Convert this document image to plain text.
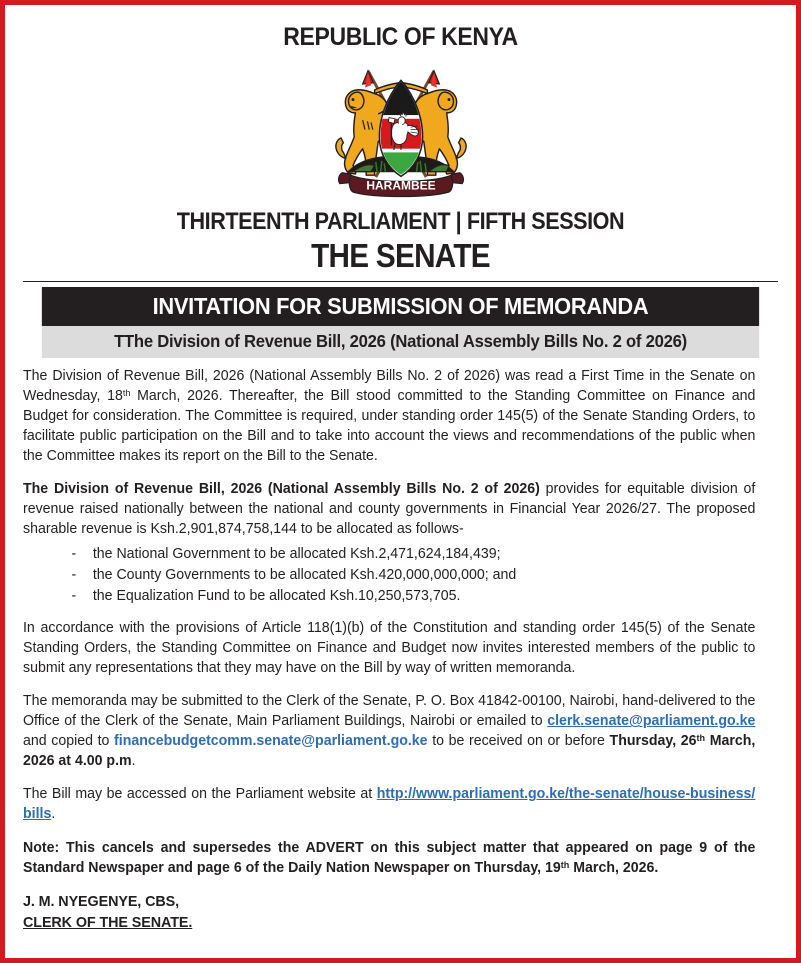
REPUBLIC OF KENYA
HARAMBEE
THIRTEENTH PARLIAMENT | FIFTH SESSION
THE SENATE
INVITATION FOR SUBMISSION OF MEMORANDA
TThe Division of Revenue Bill, 2026 (National Assembly Bills No. 2 of 2026)

The Division of Revenue Bill, 2026 (National Assembly Bills No. 2 of 2026) was read a First Time in the Senate on Wednesday, 18th March, 2026. Thereafter, the Bill stood committed to the Standing Committee on Finance and Budget for consideration. The Committee is required, under standing order 145(5) of the Senate Standing Orders, to facilitate public participation on the Bill and to take into account the views and recommendations of the public when the Committee makes its report on the Bill to the Senate.

The Division of Revenue Bill, 2026 (National Assembly Bills No. 2 of 2026) provides for equitable division of revenue raised nationally between the national and county governments in Financial Year 2026/27. The proposed sharable revenue is Ksh.2,901,874,758,144 to be allocated as follows-

- the National Government to be allocated Ksh.2,471,624,184,439;
- the County Governments to be allocated Ksh.420,000,000,000; and
- the Equalization Fund to be allocated Ksh.10,250,573,705.

In accordance with the provisions of Article 118(1)(b) of the Constitution and standing order 145(5) of the Senate Standing Orders, the Standing Committee on Finance and Budget now invites interested members of the public to submit any representations that they may have on the Bill by way of written memoranda.

The memoranda may be submitted to the Clerk of the Senate, P. O. Box 41842-00100, Nairobi, hand-delivered to the Office of the Clerk of the Senate, Main Parliament Buildings, Nairobi or emailed to clerk.senate@parliament.go.ke and copied to financebudgetcomm.senate@parliament.go.ke to be received on or before Thursday, 26th March, 2026 at 4.00 p.m.

The Bill may be accessed on the Parliament website at http://www.parliament.go.ke/the-senate/house-business/bills.

Note: This cancels and supersedes the ADVERT on this subject matter that appeared on page 9 of the Standard Newspaper and page 6 of the Daily Nation Newspaper on Thursday, 19th March, 2026.

J. M. NYEGENYE, CBS,
CLERK OF THE SENATE.
